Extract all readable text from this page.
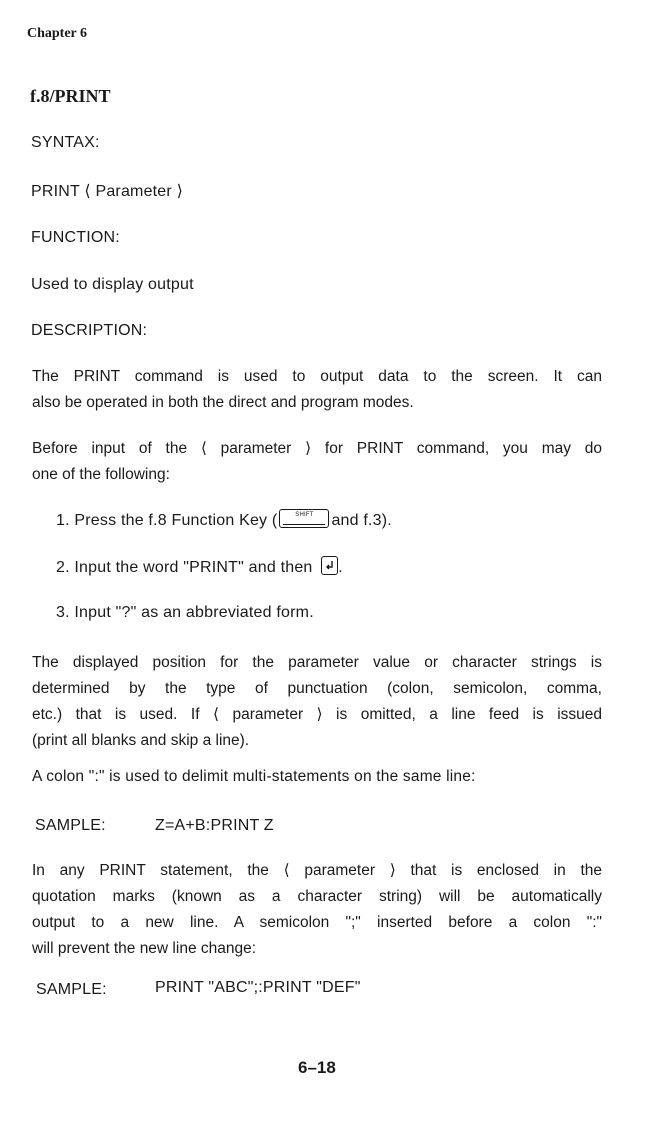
Chapter 6
f.8/PRINT
SYNTAX:
PRINT ⟨ Parameter ⟩
FUNCTION:
Used to display output
DESCRIPTION:
The PRINT command is used to output data to the screen. It can
also be operated in both the direct and program modes.
Before input of the ⟨ parameter ⟩ for PRINT command, you may do
one of the following:
1. Press the f.8 Function Key (	SHIFT	and f.3).
2. Input the word "PRINT" and then .
3. Input "?" as an abbreviated form.
The displayed position for the parameter value or character strings is
determined by the type of punctuation (colon, semicolon, comma,
etc.) that is used. If ⟨ parameter ⟩ is omitted, a line feed is issued
(print all blanks and skip a line).
A colon ":" is used to delimit multi-statements on the same line:
SAMPLE:	Z=A+B:PRINT Z
In any PRINT statement, the ⟨ parameter ⟩ that is enclosed in the
quotation marks (known as a character string) will be automatically
output to a new line. A semicolon ";" inserted before a colon ":"
will prevent the new line change:
SAMPLE:	PRINT "ABC";:PRINT "DEF"
6–18
